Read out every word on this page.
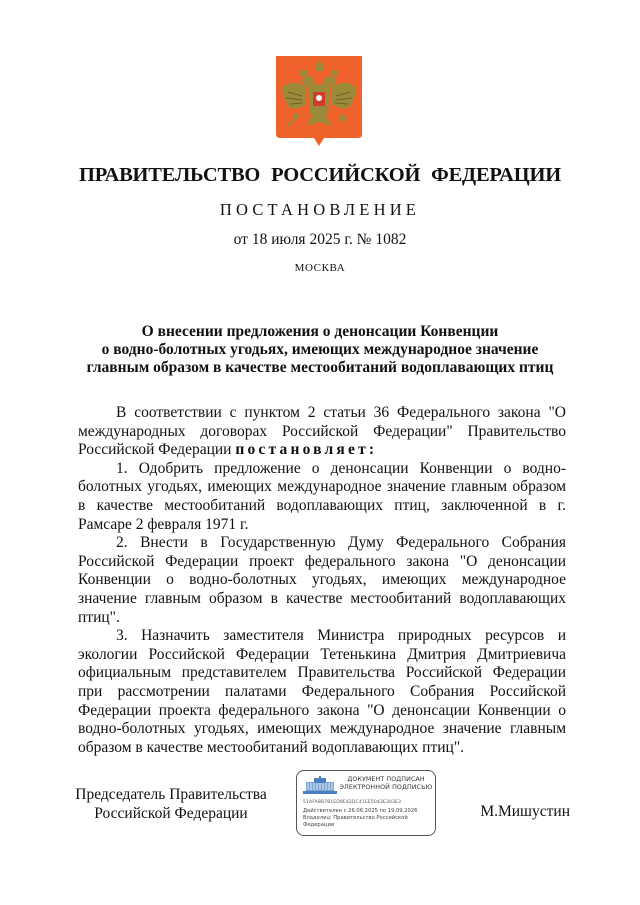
ПРАВИТЕЛЬСТВО РОССИЙСКОЙ ФЕДЕРАЦИИ
ПОСТАНОВЛЕНИЕ
от 18 июля 2025 г. № 1082
МОСКВА
О внесении предложения о денонсации Конвенции
о водно-болотных угодьях, имеющих международное значение
главным образом в качестве местообитаний водоплавающих птиц

В соответствии с пунктом 2 статьи 36 Федерального закона "О международных договорах Российской Федерации" Правительство Российской Федерации постановляет:

1. Одобрить предложение о денонсации Конвенции о водно-болотных угодьях, имеющих международное значение главным образом в качестве местообитаний водоплавающих птиц, заключенной в г. Рамсаре 2 февраля 1971 г.

2. Внести в Государственную Думу Федерального Собрания Российской Федерации проект федерального закона "О денонсации Конвенции о водно-болотных угодьях, имеющих международное значение главным образом в качестве местообитаний водоплавающих птиц".

3. Назначить заместителя Министра природных ресурсов и экологии Российской Федерации Тетенькина Дмитрия Дмитриевича официальным представителем Правительства Российской Федерации при рассмотрении палатами Федерального Собрания Российской Федерации проекта федерального закона "О денонсации Конвенции о водно-болотных угодьях, имеющих международное значение главным образом в качестве местообитаний водоплавающих птиц".

Председатель Правительства
Российской Федерации
ДОКУМЕНТ ПОДПИСАН
ЭЛЕКТРОННОЙ ПОДПИСЬЮ
51AFA8B781ED9E42DC41EE5043E303E3
Действителен с 26.06.2025 по 19.09.2026
Владелец: Правительство Российской
Федерации
М.Мишустин
